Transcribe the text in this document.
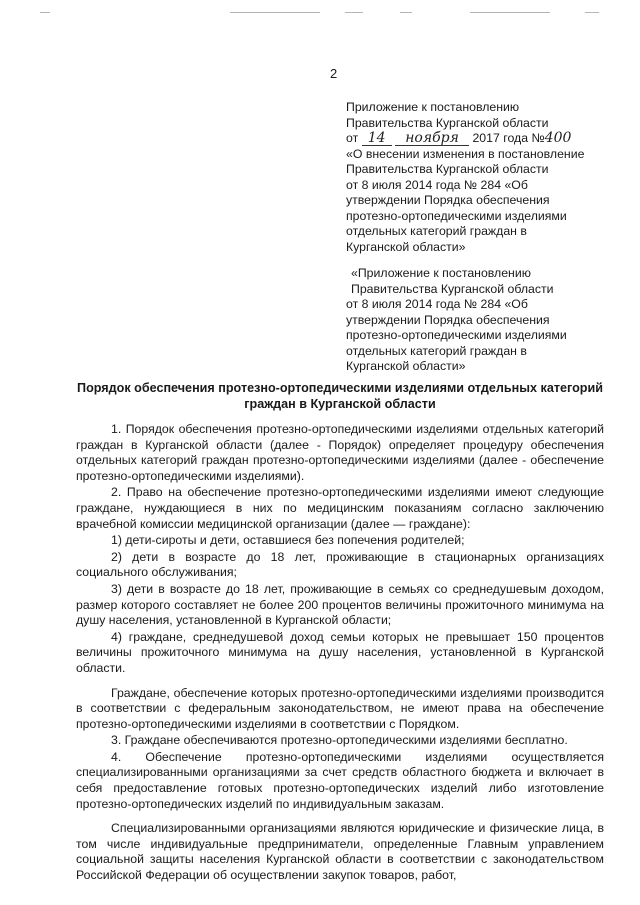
2
Приложение к постановлению
Правительства Курганской области
от 14 ноября 2017 года №400
«О внесении изменения в постановление
Правительства Курганской области
от 8 июля 2014 года № 284 «Об
утверждении Порядка обеспечения
протезно-ортопедическими изделиями
отдельных категорий граждан в
Курганской области»
«Приложение к постановлению
Правительства Курганской области
от 8 июля 2014 года № 284 «Об
утверждении Порядка обеспечения
протезно-ортопедическими изделиями
отдельных категорий граждан в
Курганской области»
Порядок обеспечения протезно-ортопедическими изделиями отдельных категорий граждан в Курганской области

1. Порядок обеспечения протезно-ортопедическими изделиями отдельных категорий граждан в Курганской области (далее - Порядок) определяет процедуру обеспечения отдельных категорий граждан протезно-ортопедическими изделиями (далее - обеспечение протезно-ортопедическими изделиями).

2. Право на обеспечение протезно-ортопедическими изделиями имеют следующие граждане, нуждающиеся в них по медицинским показаниям согласно заключению врачебной комиссии медицинской организации (далее — граждане):

1) дети-сироты и дети, оставшиеся без попечения родителей;

2) дети в возрасте до 18 лет, проживающие в стационарных организациях социального обслуживания;

3) дети в возрасте до 18 лет, проживающие в семьях со среднедушевым доходом, размер которого составляет не более 200 процентов величины прожиточного минимума на душу населения, установленной в Курганской области;

4) граждане, среднедушевой доход семьи которых не превышает 150 процентов величины прожиточного минимума на душу населения, установленной в Курганской области.

Граждане, обеспечение которых протезно-ортопедическими изделиями производится в соответствии с федеральным законодательством, не имеют права на обеспечение протезно-ортопедическими изделиями в соответствии с Порядком.

3. Граждане обеспечиваются протезно-ортопедическими изделиями бесплатно.

4. Обеспечение протезно-ортопедическими изделиями осуществляется специализированными организациями за счет средств областного бюджета и включает в себя предоставление готовых протезно-ортопедических изделий либо изготовление протезно-ортопедических изделий по индивидуальным заказам.

Специализированными организациями являются юридические и физические лица, в том числе индивидуальные предприниматели, определенные Главным управлением социальной защиты населения Курганской области в соответствии с законодательством Российской Федерации об осуществлении закупок товаров, работ,
